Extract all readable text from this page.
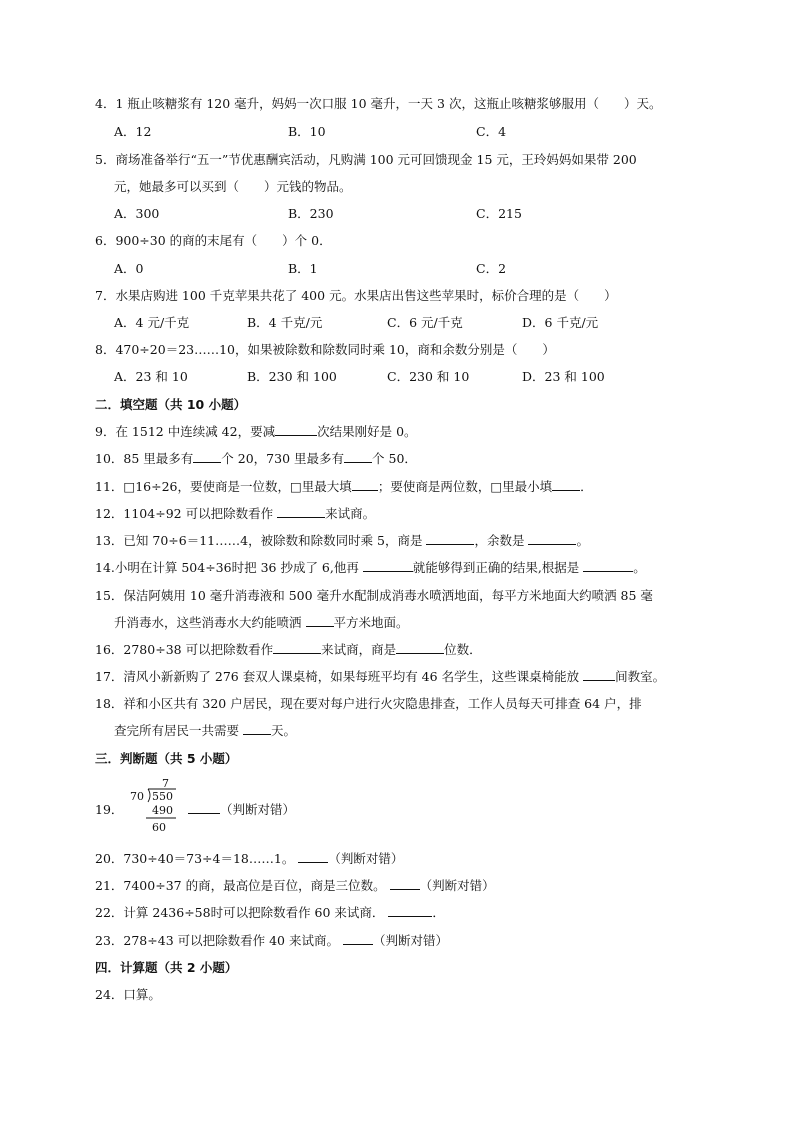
4．1 瓶止咳糖浆有 120 毫升，妈妈一次口服 10 毫升，一天 3 次，这瓶止咳糖浆够服用（　　）天。
A．12	B．10	C．4
5．商场准备举行“五一”节优惠酬宾活动，凡购满 100 元可回馈现金 15 元，王玲妈妈如果带 200
元，她最多可以买到（　　）元钱的物品。
A．300	B．230	C．215
6．900÷30 的商的末尾有（　　）个 0．
A．0	B．1	C．2
7．水果店购进 100 千克苹果共花了 400 元。水果店出售这些苹果时，标价合理的是（　　）
A．4 元/千克	B．4 千克/元	C．6 元/千克	D．6 千克/元
8．470÷20＝23……10，如果被除数和除数同时乘 10，商和余数分别是（　　）
A．23 和 10	B．230 和 100	C．230 和 10	D．23 和 100
二．填空题（共 10 小题）
9．在 1512 中连续减 42，要减	次结果刚好是 0。
10．85 里最多有 个 20，730 里最多有 个 50．
11．□16÷26，要使商是一位数，□里最大填 ；要使商是两位数，□里最小填 ．
12．1104÷92 可以把除数看作	来试商。
13．已知 70÷6＝11……4，被除数和除数同时乘 5，商是	，余数是	。
14.小明在计算 504÷36时把 36 抄成了 6,他再	就能够得到正确的结果,根据是	。
15．保洁阿姨用 10 毫升消毒液和 500 毫升水配制成消毒水喷洒地面，每平方米地面大约喷洒 85 毫
升消毒水，这些消毒水大约能喷洒	平方米地面。
16．2780÷38 可以把除数看作	来试商，商是	位数．
17．清风小新新购了 276 套双人课桌椅，如果每班平均有 46 名学生，这些课桌椅能放	间教室。
18．祥和小区共有 320 户居民，现在要对每户进行火灾隐患排查，工作人员每天可排查 64 户，排
查完所有居民一共需要	天。
三．判断题（共 5 小题）
19．
7
70 550
490
60
（判断对错）
20．730÷40＝73÷4＝18……1。	（判断对错）
21．7400÷37 的商，最高位是百位，商是三位数。	（判断对错）
22．计算 2436÷58时可以把除数看作 60 来试商．	．
23．278÷43 可以把除数看作 40 来试商。	（判断对错）
四．计算题（共 2 小题）
24．口算。
